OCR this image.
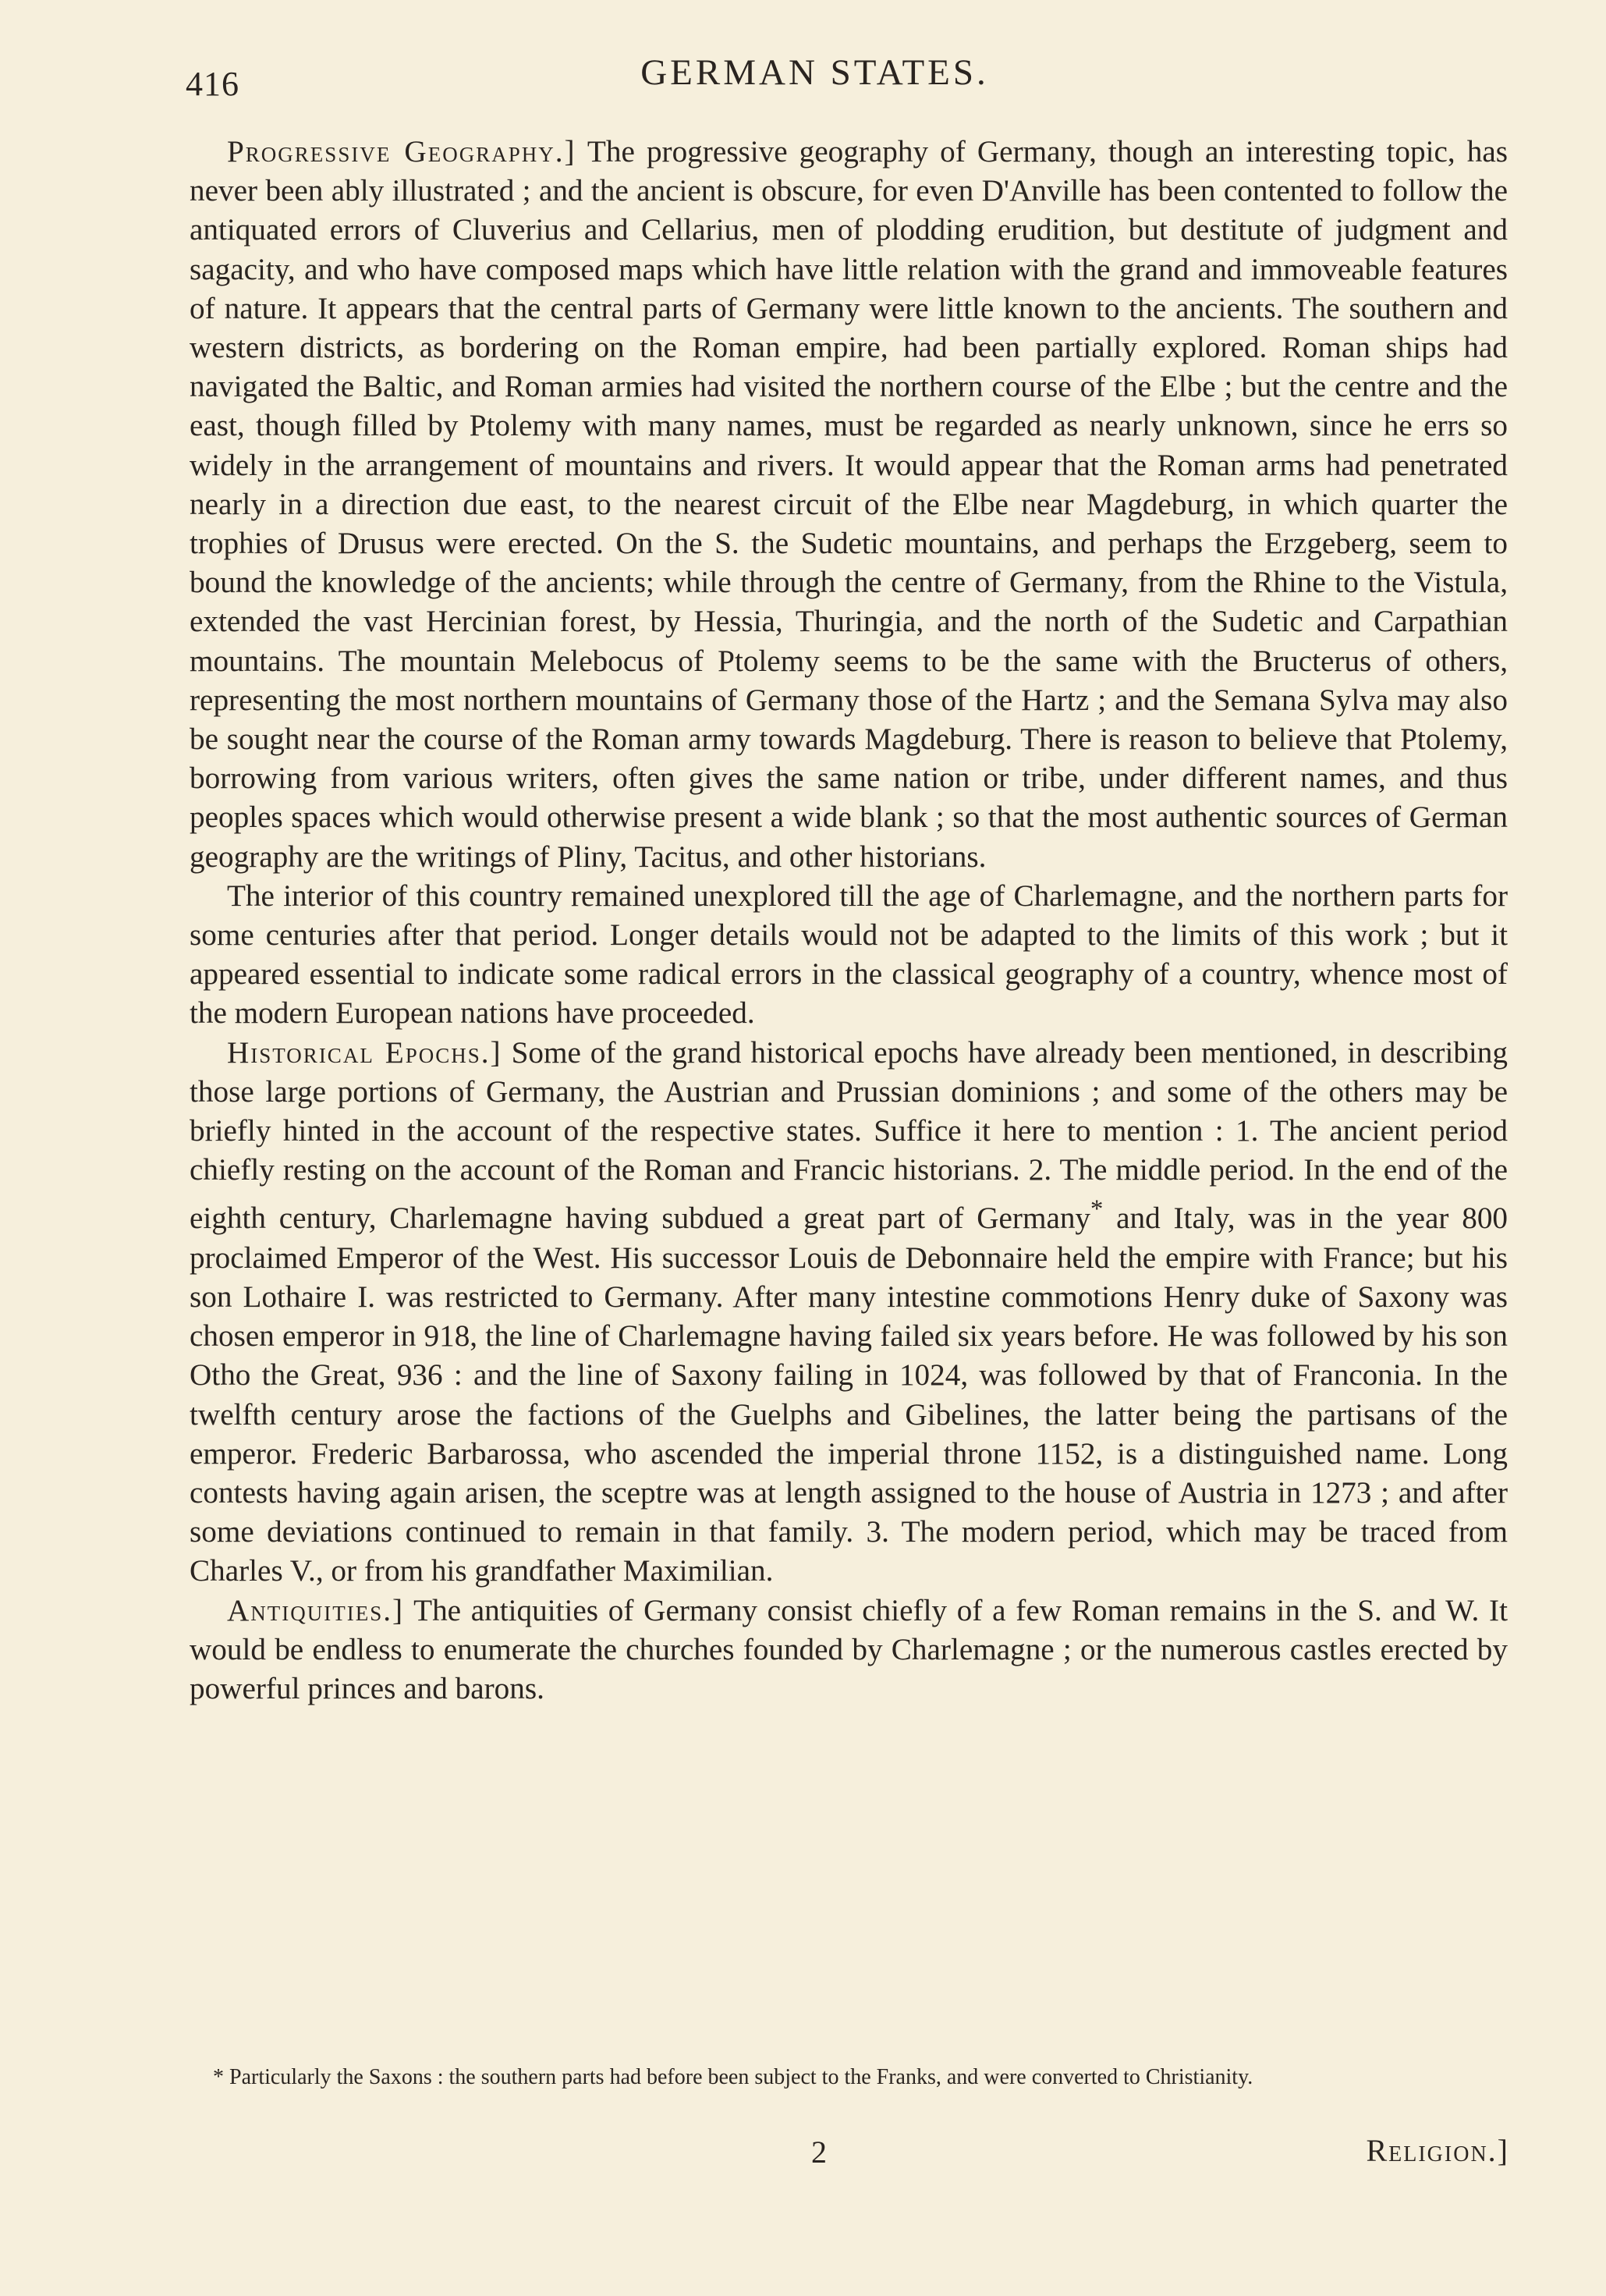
416	GERMAN STATES.

Progressive Geography.] The progressive geography of Germany, though an interesting topic, has never been ably illustrated ; and the ancient is obscure, for even D'Anville has been contented to follow the antiquated errors of Cluverius and Cellarius, men of plodding erudition, but destitute of judgment and sagacity, and who have composed maps which have little relation with the grand and immoveable features of nature. It appears that the central parts of Germany were little known to the ancients. The southern and western districts, as bordering on the Roman empire, had been partially explored. Roman ships had navigated the Baltic, and Roman armies had visited the northern course of the Elbe ; but the centre and the east, though filled by Ptolemy with many names, must be regarded as nearly unknown, since he errs so widely in the arrangement of mountains and rivers. It would appear that the Roman arms had penetrated nearly in a direction due east, to the nearest circuit of the Elbe near Magdeburg, in which quarter the trophies of Drusus were erected. On the S. the Sudetic mountains, and perhaps the Erzgeberg, seem to bound the knowledge of the ancients; while through the centre of Germany, from the Rhine to the Vistula, extended the vast Hercinian forest, by Hessia, Thuringia, and the north of the Sudetic and Carpathian mountains. The mountain Melebocus of Ptolemy seems to be the same with the Bructerus of others, representing the most northern mountains of Germany those of the Hartz ; and the Semana Sylva may also be sought near the course of the Roman army towards Magdeburg. There is reason to believe that Ptolemy, borrowing from various writers, often gives the same nation or tribe, under different names, and thus peoples spaces which would otherwise present a wide blank ; so that the most authentic sources of German geography are the writings of Pliny, Tacitus, and other historians.

The interior of this country remained unexplored till the age of Charlemagne, and the northern parts for some centuries after that period. Longer details would not be adapted to the limits of this work ; but it appeared essential to indicate some radical errors in the classical geography of a country, whence most of the modern European nations have proceeded.

Historical Epochs.] Some of the grand historical epochs have already been mentioned, in describing those large portions of Germany, the Austrian and Prussian dominions ; and some of the others may be briefly hinted in the account of the respective states. Suffice it here to mention : 1. The ancient period chiefly resting on the account of the Roman and Francic historians. 2. The middle period. In the end of the eighth century, Charlemagne having subdued a great part of Germany* and Italy, was in the year 800 proclaimed Emperor of the West. His successor Louis de Debonnaire held the empire with France; but his son Lothaire I. was restricted to Germany. After many intestine commotions Henry duke of Saxony was chosen emperor in 918, the line of Charlemagne having failed six years before. He was followed by his son Otho the Great, 936 : and the line of Saxony failing in 1024, was followed by that of Franconia. In the twelfth century arose the factions of the Guelphs and Gibelines, the latter being the partisans of the emperor. Frederic Barbarossa, who ascended the imperial throne 1152, is a distinguished name. Long contests having again arisen, the sceptre was at length assigned to the house of Austria in 1273 ; and after some deviations continued to remain in that family. 3. The modern period, which may be traced from Charles V., or from his grandfather Maximilian.

Antiquities.] The antiquities of Germany consist chiefly of a few Roman remains in the S. and W. It would be endless to enumerate the churches founded by Charlemagne ; or the numerous castles erected by powerful princes and barons.

* Particularly the Saxons : the southern parts had before been subject to the Franks, and were converted to Christianity.

2	Religion.]
